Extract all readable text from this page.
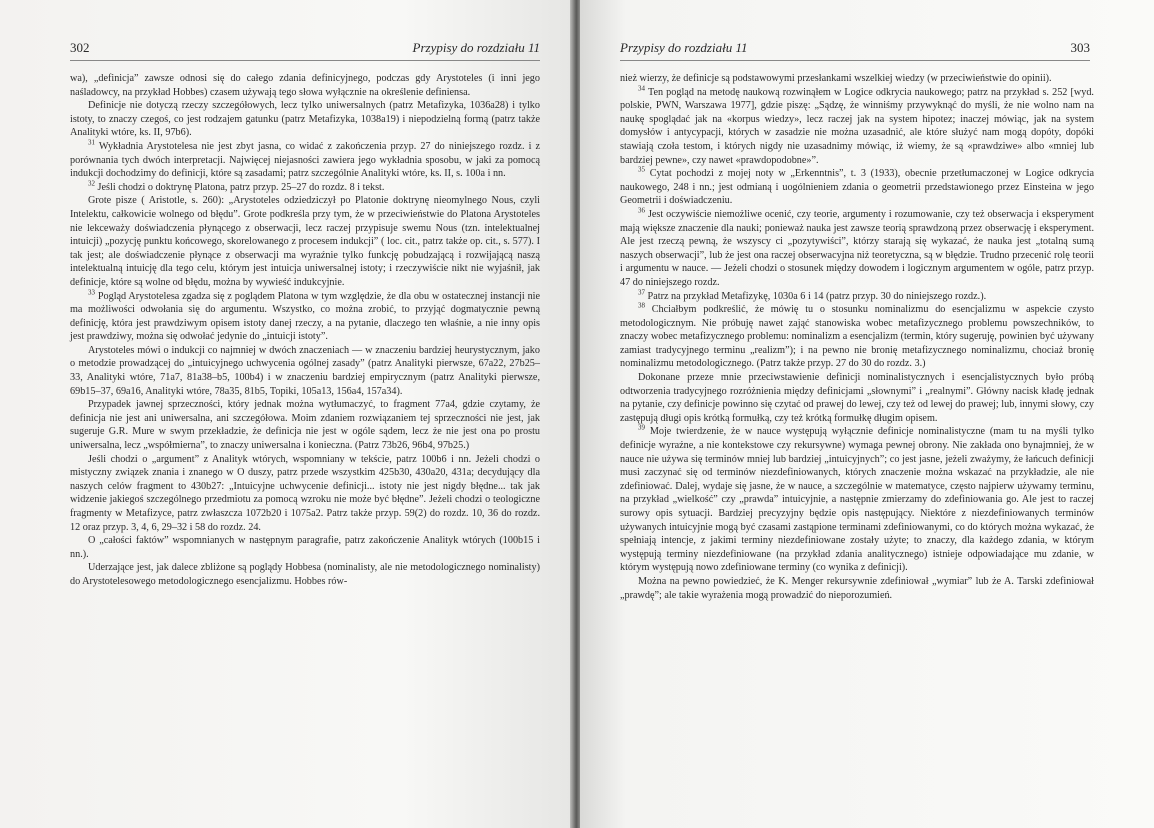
302	Przypisy do rozdziału 11

wa), „definicja” zawsze odnosi się do całego zdania definicyjnego, podczas gdy Arystoteles (i inni jego naśladowcy, na przykład Hobbes) czasem używają tego słowa wyłącznie na określenie definiensa.

Definicje nie dotyczą rzeczy szczegółowych, lecz tylko uniwersalnych (patrz Metafizyka, 1036a28) i tylko istoty, to znaczy czegoś, co jest rodzajem gatunku (patrz Metafizyka, 1038a19) i niepodzielną formą (patrz także Analityki wtóre, ks. II, 97b6).

$^{31}$ Wykładnia Arystotelesa nie jest zbyt jasna, co widać z zakończenia przyp. 27 do niniejszego rozdz. i z porównania tych dwóch interpretacji. Najwięcej niejasności zawiera jego wykładnia sposobu, w jaki za pomocą indukcji dochodzimy do definicji, które są zasadami; patrz szczególnie Analityki wtóre, ks. II, s. 100a i nn.

$^{32}$ Jeśli chodzi o doktrynę Platona, patrz przyp. 25–27 do rozdz. 8 i tekst.

Grote pisze ( Aristotle, s. 260): „Arystoteles odziedziczył po Platonie doktrynę nieomylnego Nous, czyli Intelektu, całkowicie wolnego od błędu”. Grote podkreśla przy tym, że w przeciwieństwie do Platona Arystoteles nie lekceważy doświadczenia płynącego z obserwacji, lecz raczej przypisuje swemu Nous (tzn. intelektualnej intuicji) „pozycję punktu końcowego, skorelowanego z procesem indukcji” ( loc. cit., patrz także op. cit., s. 577). I tak jest; ale doświadczenie płynące z obserwacji ma wyraźnie tylko funkcję pobudzającą i rozwijającą naszą intelektualną intuicję dla tego celu, którym jest intuicja uniwersalnej istoty; i rzeczywiście nikt nie wyjaśnił, jak definicje, które są wolne od błędu, można by wywieść indukcyjnie.

$^{33}$ Pogląd Arystotelesa zgadza się z poglądem Platona w tym względzie, że dla obu w ostatecznej instancji nie ma możliwości odwołania się do argumentu. Wszystko, co można zrobić, to przyjąć dogmatycznie pewną definicję, która jest prawdziwym opisem istoty danej rzeczy, a na pytanie, dlaczego ten właśnie, a nie inny opis jest prawdziwy, można się odwołać jedynie do „intuicji istoty”.

Arystoteles mówi o indukcji co najmniej w dwóch znaczeniach — w znaczeniu bardziej heurystycznym, jako o metodzie prowadzącej do „intuicyjnego uchwycenia ogólnej zasady” (patrz Analityki pierwsze, 67a22, 27b25–33, Analityki wtóre, 71a7, 81a38–b5, 100b4) i w znaczeniu bardziej empirycznym (patrz Analityki pierwsze, 69b15–37, 69a16, Analityki wtóre, 78a35, 81b5, Topiki, 105a13, 156a4, 157a34).

Przypadek jawnej sprzeczności, który jednak można wytłumaczyć, to fragment 77a4, gdzie czytamy, że definicja nie jest ani uniwersalna, ani szczegółowa. Moim zdaniem rozwiązaniem tej sprzeczności nie jest, jak sugeruje G.R. Mure w swym przekładzie, że definicja nie jest w ogóle sądem, lecz że nie jest ona po prostu uniwersalna, lecz „współmierna”, to znaczy uniwersalna i konieczna. (Patrz 73b26, 96b4, 97b25.)

Jeśli chodzi o „argument” z Analityk wtórych, wspomniany w tekście, patrz 100b6 i nn. Jeżeli chodzi o mistyczny związek znania i znanego w O duszy, patrz przede wszystkim 425b30, 430a20, 431a; decydujący dla naszych celów fragment to 430b27: „Intuicyjne uchwycenie definicji... istoty nie jest nigdy błędne... tak jak widzenie jakiegoś szczególnego przedmiotu za pomocą wzroku nie może być błędne”. Jeżeli chodzi o teologiczne fragmenty w Metafizyce, patrz zwłaszcza 1072b20 i 1075a2. Patrz także przyp. 59(2) do rozdz. 10, 36 do rozdz. 12 oraz przyp. 3, 4, 6, 29–32 i 58 do rozdz. 24.

O „całości faktów” wspomnianych w następnym paragrafie, patrz zakończenie Analityk wtórych (100b15 i nn.).

Uderzające jest, jak dalece zbliżone są poglądy Hobbesa (nominalisty, ale nie metodologicznego nominalisty) do Arystotelesowego metodologicznego esencjalizmu. Hobbes rów-

Przypisy do rozdziału 11	303

nież wierzy, że definicje są podstawowymi przesłankami wszelkiej wiedzy (w przeciwieństwie do opinii).

$^{34}$ Ten pogląd na metodę naukową rozwinąłem w Logice odkrycia naukowego; patrz na przykład s. 252 [wyd. polskie, PWN, Warszawa 1977], gdzie piszę: „Sądzę, że winniśmy przywyknąć do myśli, że nie wolno nam na naukę spoglądać jak na «korpus wiedzy», lecz raczej jak na system hipotez; inaczej mówiąc, jak na system domysłów i antycypacji, których w zasadzie nie można uzasadnić, ale które służyć nam mogą dopóty, dopóki stawiają czoła testom, i których nigdy nie uzasadnimy mówiąc, iż wiemy, że są «prawdziwe» albo «mniej lub bardziej pewne», czy nawet «prawdopodobne»”.

$^{35}$ Cytat pochodzi z mojej noty w „Erkenntnis”, t. 3 (1933), obecnie przetłumaczonej w Logice odkrycia naukowego, 248 i nn.; jest odmianą i uogólnieniem zdania o geometrii przedstawionego przez Einsteina w jego Geometrii i doświadczeniu.

$^{36}$ Jest oczywiście niemożliwe ocenić, czy teorie, argumenty i rozumowanie, czy też obserwacja i eksperyment mają większe znaczenie dla nauki; ponieważ nauka jest zawsze teorią sprawdzoną przez obserwację i eksperyment. Ale jest rzeczą pewną, że wszyscy ci „pozytywiści”, którzy starają się wykazać, że nauka jest „totalną sumą naszych obserwacji”, lub że jest ona raczej obserwacyjna niż teoretyczna, są w błędzie. Trudno przecenić rolę teorii i argumentu w nauce. — Jeżeli chodzi o stosunek między dowodem i logicznym argumentem w ogóle, patrz przyp. 47 do niniejszego rozdz.

$^{37}$ Patrz na przykład Metafizykę, 1030a 6 i 14 (patrz przyp. 30 do niniejszego rozdz.).

$^{38}$ Chciałbym podkreślić, że mówię tu o stosunku nominalizmu do esencjalizmu w aspekcie czysto metodologicznym. Nie próbuję nawet zająć stanowiska wobec metafizycznego problemu powszechników, to znaczy wobec metafizycznego problemu: nominalizm a esencjalizm (termin, który sugeruję, powinien być używany zamiast tradycyjnego terminu „realizm”); i na pewno nie bronię metafizycznego nominalizmu, chociaż bronię nominalizmu metodologicznego. (Patrz także przyp. 27 do 30 do rozdz. 3.)

Dokonane przeze mnie przeciwstawienie definicji nominalistycznych i esencjalistycznych było próbą odtworzenia tradycyjnego rozróżnienia między definicjami „słownymi” i „realnymi”. Główny nacisk kładę jednak na pytanie, czy definicje powinno się czytać od prawej do lewej, czy też od lewej do prawej; lub, innymi słowy, czy zastępują długi opis krótką formułką, czy też krótką formułkę długim opisem.

$^{39}$ Moje twierdzenie, że w nauce występują wyłącznie definicje nominalistyczne (mam tu na myśli tylko definicje wyraźne, a nie kontekstowe czy rekursywne) wymaga pewnej obrony. Nie zakłada ono bynajmniej, że w nauce nie używa się terminów mniej lub bardziej „intuicyjnych”; co jest jasne, jeżeli zważymy, że łańcuch definicji musi zaczynać się od terminów niezdefiniowanych, których znaczenie można wskazać na przykładzie, ale nie zdefiniować. Dalej, wydaje się jasne, że w nauce, a szczególnie w matematyce, często najpierw używamy terminu, na przykład „wielkość” czy „prawda” intuicyjnie, a następnie zmierzamy do zdefiniowania go. Ale jest to raczej surowy opis sytuacji. Bardziej precyzyjny będzie opis następujący. Niektóre z niezdefiniowanych terminów używanych intuicyjnie mogą być czasami zastąpione terminami zdefiniowanymi, co do których można wykazać, że spełniają intencje, z jakimi terminy niezdefiniowane zostały użyte; to znaczy, dla każdego zdania, w którym występują terminy niezdefiniowane (na przykład zdania analitycznego) istnieje odpowiadające mu zdanie, w którym występują nowo zdefiniowane terminy (co wynika z definicji).

Można na pewno powiedzieć, że K. Menger rekursywnie zdefiniował „wymiar” lub że A. Tarski zdefiniował „prawdę”; ale takie wyrażenia mogą prowadzić do nieporozumień.
